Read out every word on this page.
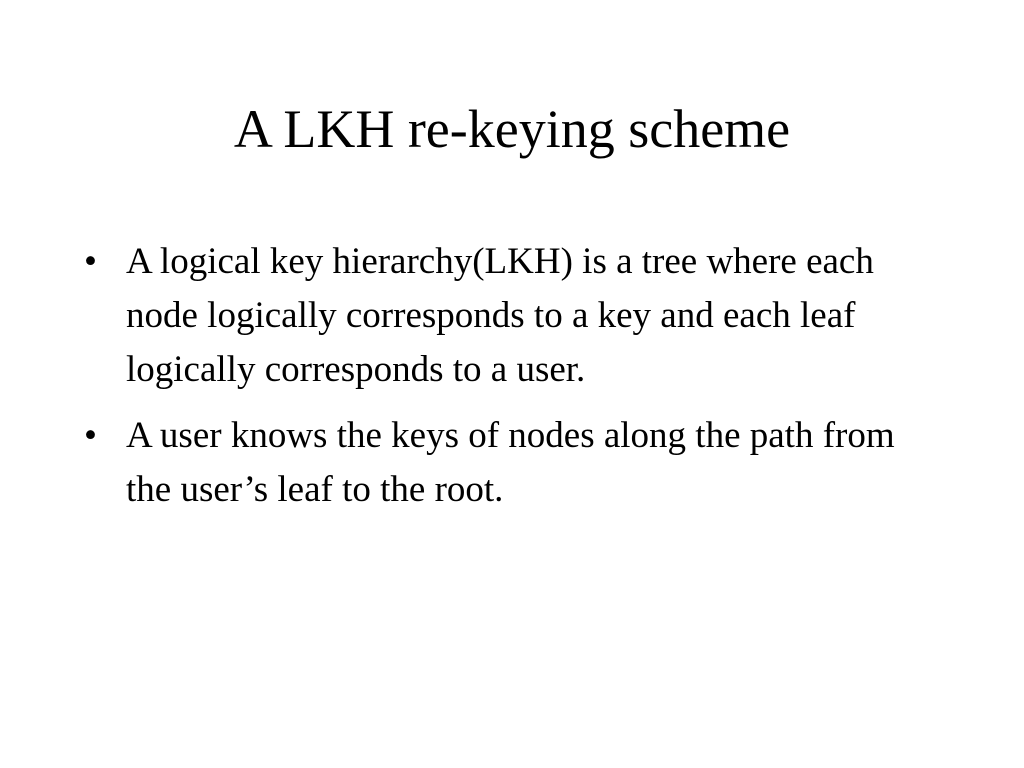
A LKH re-keying scheme
• A logical key hierarchy(LKH) is a tree where each node logically corresponds to a key and each leaf logically corresponds to a user.
• A user knows the keys of nodes along the path from the user’s leaf to the root.
